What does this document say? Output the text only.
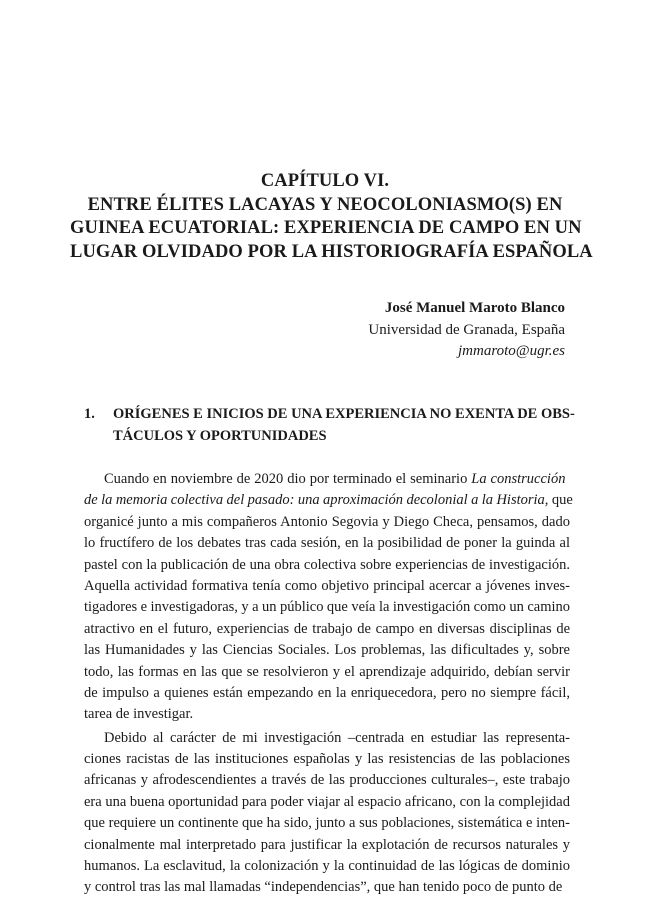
CAPÍTULO VI.
ENTRE ÉLITES LACAYAS Y NEOCOLONIASMO(S) EN
GUINEA ECUATORIAL: EXPERIENCIA DE CAMPO EN UN
LUGAR OLVIDADO POR LA HISTORIOGRAFÍA ESPAÑOLA
José Manuel Maroto Blanco
Universidad de Granada, España
jmmaroto@ugr.es
1. ORÍGENES E INICIOS DE UNA EXPERIENCIA NO EXENTA DE OBS-
TÁCULOS Y OPORTUNIDADES
Cuando en noviembre de 2020 dio por terminado el seminario La construcción
de la memoria colectiva del pasado: una aproximación decolonial a la Historia, que
organicé junto a mis compañeros Antonio Segovia y Diego Checa, pensamos, dado
lo fructífero de los debates tras cada sesión, en la posibilidad de poner la guinda al
pastel con la publicación de una obra colectiva sobre experiencias de investigación.
Aquella actividad formativa tenía como objetivo principal acercar a jóvenes inves-
tigadores e investigadoras, y a un público que veía la investigación como un camino
atractivo en el futuro, experiencias de trabajo de campo en diversas disciplinas de
las Humanidades y las Ciencias Sociales. Los problemas, las dificultades y, sobre
todo, las formas en las que se resolvieron y el aprendizaje adquirido, debían servir
de impulso a quienes están empezando en la enriquecedora, pero no siempre fácil,
tarea de investigar.
Debido al carácter de mi investigación –centrada en estudiar las representa-
ciones racistas de las instituciones españolas y las resistencias de las poblaciones
africanas y afrodescendientes a través de las producciones culturales–, este trabajo
era una buena oportunidad para poder viajar al espacio africano, con la complejidad
que requiere un continente que ha sido, junto a sus poblaciones, sistemática e inten-
cionalmente mal interpretado para justificar la explotación de recursos naturales y
humanos. La esclavitud, la colonización y la continuidad de las lógicas de dominio
y control tras las mal llamadas “independencias”, que han tenido poco de punto de
